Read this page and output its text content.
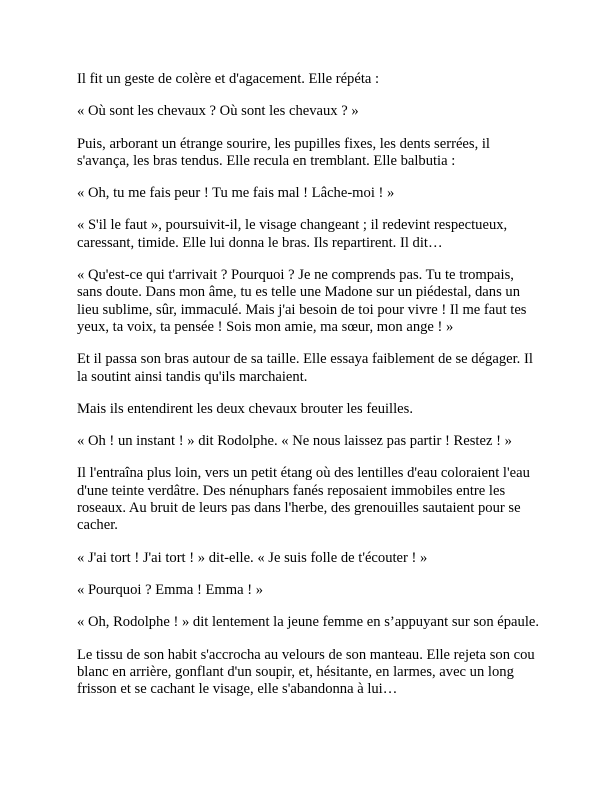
Il fit un geste de colère et d'agacement. Elle répéta :

« Où sont les chevaux ? Où sont les chevaux ? »

Puis, arborant un étrange sourire, les pupilles fixes, les dents serrées, il s'avança, les bras tendus. Elle recula en tremblant. Elle balbutia :

« Oh, tu me fais peur ! Tu me fais mal ! Lâche-moi ! »

« S'il le faut », poursuivit-il, le visage changeant ; il redevint respectueux, caressant, timide. Elle lui donna le bras. Ils repartirent. Il dit…

« Qu'est-ce qui t'arrivait ? Pourquoi ? Je ne comprends pas. Tu te trompais, sans doute. Dans mon âme, tu es telle une Madone sur un piédestal, dans un lieu sublime, sûr, immaculé. Mais j'ai besoin de toi pour vivre ! Il me faut tes yeux, ta voix, ta pensée ! Sois mon amie, ma sœur, mon ange ! »

Et il passa son bras autour de sa taille. Elle essaya faiblement de se dégager. Il la soutint ainsi tandis qu'ils marchaient.

Mais ils entendirent les deux chevaux brouter les feuilles.

« Oh ! un instant ! » dit Rodolphe. « Ne nous laissez pas partir ! Restez ! »

Il l'entraîna plus loin, vers un petit étang où des lentilles d'eau coloraient l'eau d'une teinte verdâtre. Des nénuphars fanés reposaient immobiles entre les roseaux. Au bruit de leurs pas dans l'herbe, des grenouilles sautaient pour se cacher.

« J'ai tort ! J'ai tort ! » dit-elle. « Je suis folle de t'écouter ! »

« Pourquoi ? Emma ! Emma ! »

« Oh, Rodolphe ! » dit lentement la jeune femme en s’appuyant sur son épaule.

Le tissu de son habit s'accrocha au velours de son manteau. Elle rejeta son cou blanc en arrière, gonflant d'un soupir, et, hésitante, en larmes, avec un long frisson et se cachant le visage, elle s'abandonna à lui…
